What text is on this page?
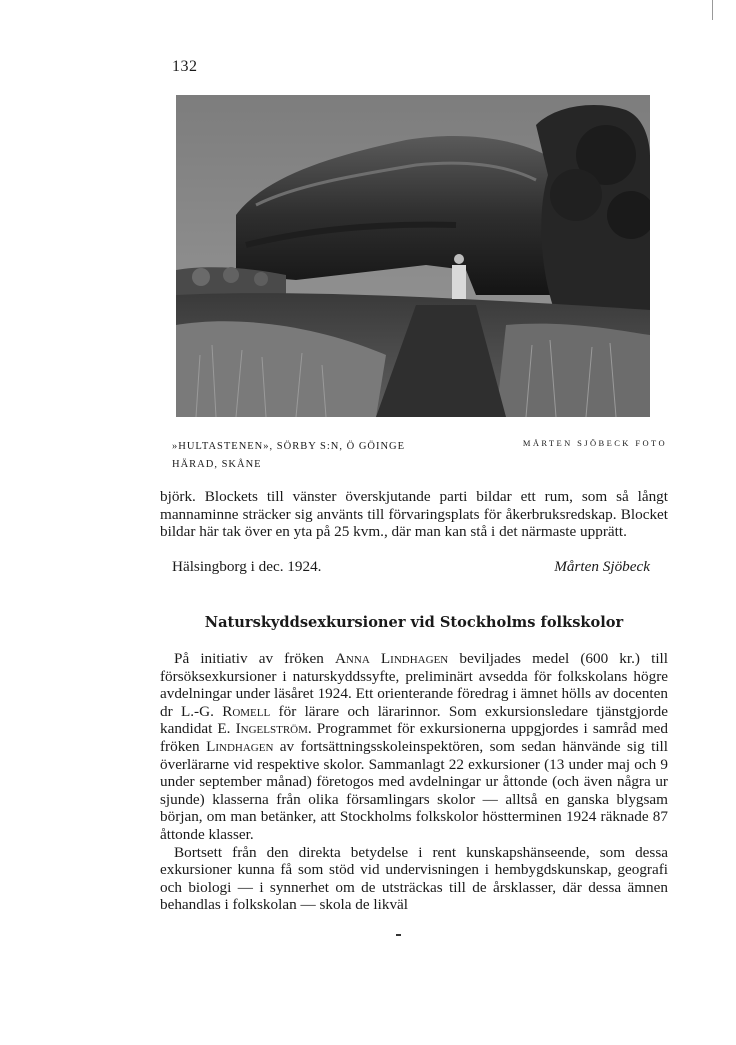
132
»HULTASTENEN», SÖRBY S:N, Ö GÖINGE
HÄRAD, SKÅNE
MÅRTEN SJÖBECK FOTO

björk. Blockets till vänster överskjutande parti bildar ett rum, som så långt mannaminne sträcker sig använts till förvaringsplats för åkerbruksredskap. Blocket bildar här tak över en yta på 25 kvm., där man kan stå i det närmaste upprätt.

Hälsingborg i dec. 1924.	Mårten Sjöbeck
Naturskyddsexkursioner vid Stockholms folkskolor

På initiativ av fröken Anna Lindhagen beviljades medel (600 kr.) till försöksexkursioner i naturskyddssyfte, preliminärt avsedda för folkskolans högre avdelningar under läsåret 1924. Ett orienterande föredrag i ämnet hölls av docenten dr L.-G. Romell för lärare och lärarinnor. Som exkursionsledare tjänstgjorde kandidat E. Ingelström. Programmet för exkursionerna uppgjordes i samråd med fröken Lindhagen av fortsättningsskoleinspektören, som sedan hänvände sig till överlärarne vid respektive skolor. Sammanlagt 22 exkursioner (13 under maj och 9 under september månad) företogos med avdelningar ur åttonde (och även några ur sjunde) klasserna från olika församlingars skolor — alltså en ganska blygsam början, om man betänker, att Stockholms folkskolor höstterminen 1924 räknade 87 åttonde klasser.

Bortsett från den direkta betydelse i rent kunskapshänseende, som dessa exkursioner kunna få som stöd vid undervisningen i hembygdskunskap, geografi och biologi — i synnerhet om de utsträckas till de årsklasser, där dessa ämnen behandlas i folkskolan — skola de likväl
